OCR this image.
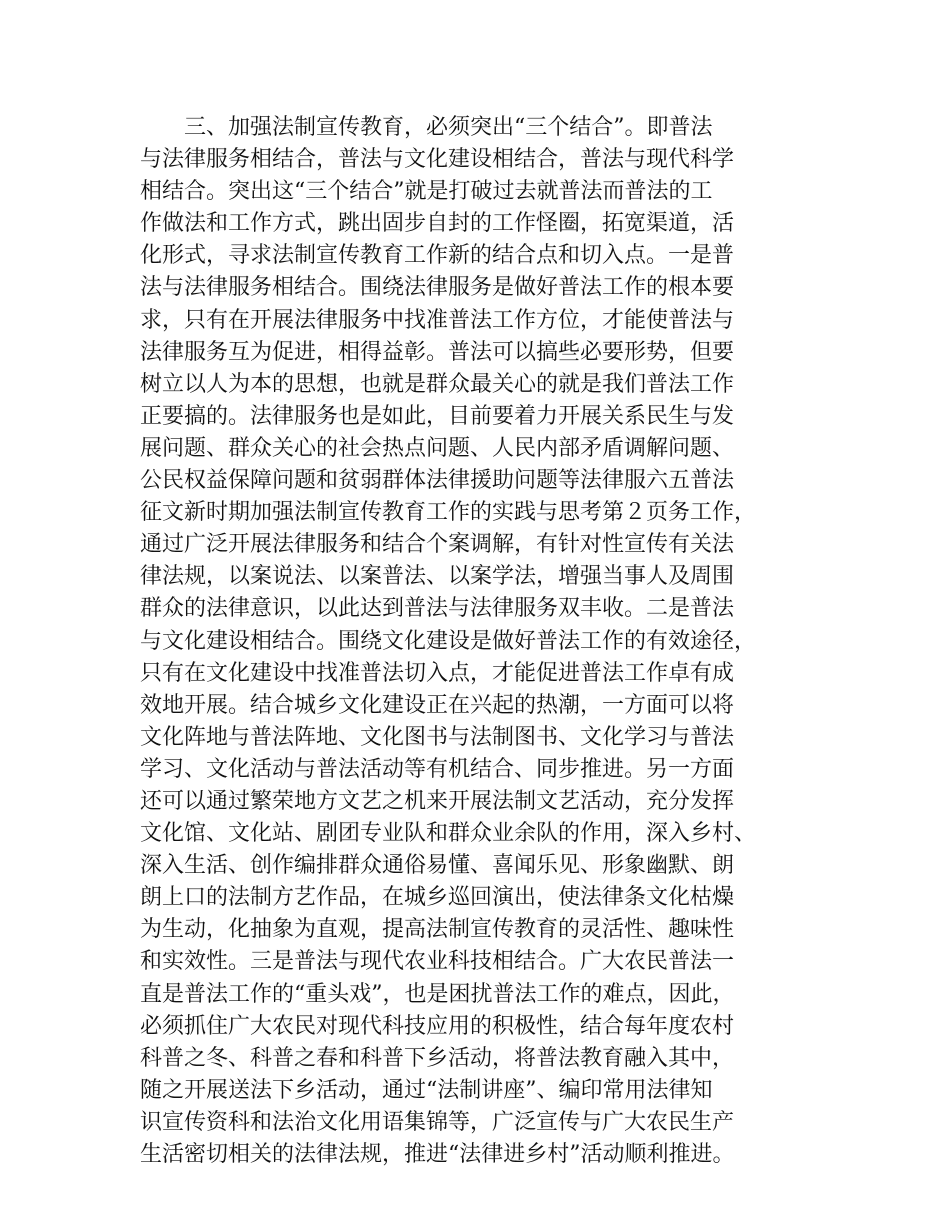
　　三、加强法制宣传教育，必须突出“三个结合”。即普法
与法律服务相结合，普法与文化建设相结合，普法与现代科学
相结合。突出这“三个结合”就是打破过去就普法而普法的工
作做法和工作方式，跳出固步自封的工作怪圈，拓宽渠道，活
化形式，寻求法制宣传教育工作新的结合点和切入点。一是普
法与法律服务相结合。围绕法律服务是做好普法工作的根本要
求，只有在开展法律服务中找准普法工作方位，才能使普法与
法律服务互为促进，相得益彰。普法可以搞些必要形势，但要
树立以人为本的思想，也就是群众最关心的就是我们普法工作
正要搞的。法律服务也是如此，目前要着力开展关系民生与发
展问题、群众关心的社会热点问题、人民内部矛盾调解问题、
公民权益保障问题和贫弱群体法律援助问题等法律服六五普法
征文新时期加强法制宣传教育工作的实践与思考第２页务工作，
通过广泛开展法律服务和结合个案调解，有针对性宣传有关法
律法规，以案说法、以案普法、以案学法，增强当事人及周围
群众的法律意识，以此达到普法与法律服务双丰收。二是普法
与文化建设相结合。围绕文化建设是做好普法工作的有效途径，
只有在文化建设中找准普法切入点，才能促进普法工作卓有成
效地开展。结合城乡文化建设正在兴起的热潮，一方面可以将
文化阵地与普法阵地、文化图书与法制图书、文化学习与普法
学习、文化活动与普法活动等有机结合、同步推进。另一方面
还可以通过繁荣地方文艺之机来开展法制文艺活动，充分发挥
文化馆、文化站、剧团专业队和群众业余队的作用，深入乡村、
深入生活、创作编排群众通俗易懂、喜闻乐见、形象幽默、朗
朗上口的法制方艺作品，在城乡巡回演出，使法律条文化枯燥
为生动，化抽象为直观，提高法制宣传教育的灵活性、趣味性
和实效性。三是普法与现代农业科技相结合。广大农民普法一
直是普法工作的“重头戏”，也是困扰普法工作的难点，因此，
必须抓住广大农民对现代科技应用的积极性，结合每年度农村
科普之冬、科普之春和科普下乡活动，将普法教育融入其中，
随之开展送法下乡活动，通过“法制讲座”、编印常用法律知
识宣传资科和法治文化用语集锦等，广泛宣传与广大农民生产
生活密切相关的法律法规，推进“法律进乡村”活动顺利推进。
